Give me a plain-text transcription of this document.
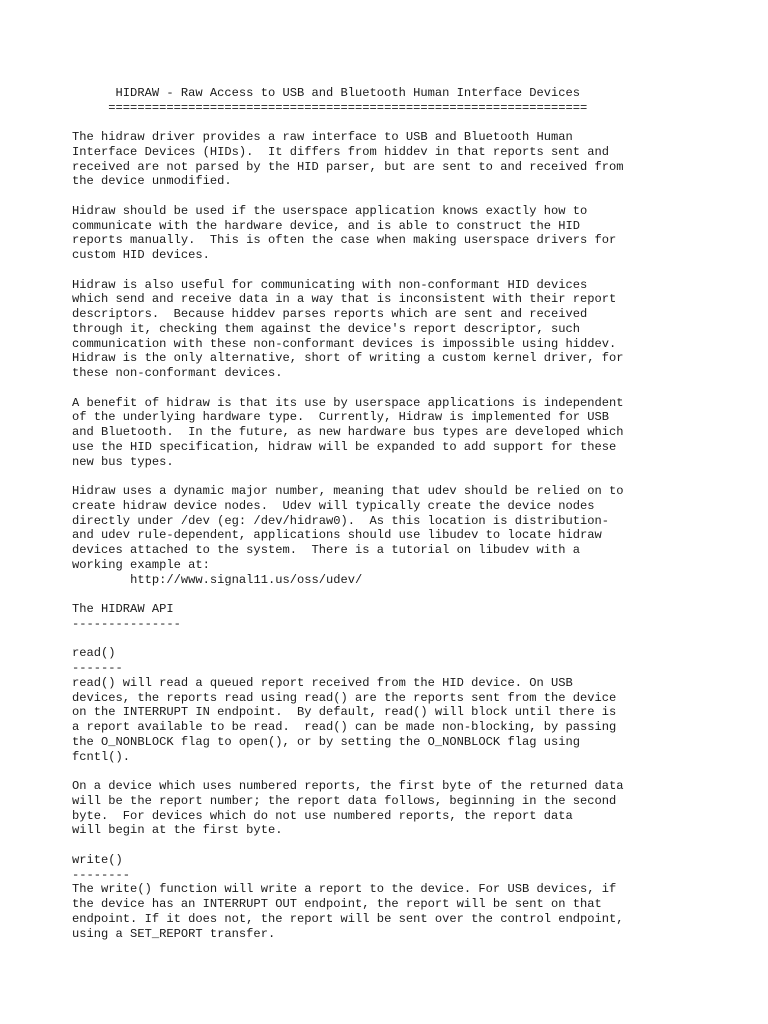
HIDRAW - Raw Access to USB and Bluetooth Human Interface Devices
==================================================================
The hidraw driver provides a raw interface to USB and Bluetooth Human
Interface Devices (HIDs).  It differs from hiddev in that reports sent and
received are not parsed by the HID parser, but are sent to and received from
the device unmodified.
Hidraw should be used if the userspace application knows exactly how to
communicate with the hardware device, and is able to construct the HID
reports manually.  This is often the case when making userspace drivers for
custom HID devices.
Hidraw is also useful for communicating with non-conformant HID devices
which send and receive data in a way that is inconsistent with their report
descriptors.  Because hiddev parses reports which are sent and received
through it, checking them against the device's report descriptor, such
communication with these non-conformant devices is impossible using hiddev.
Hidraw is the only alternative, short of writing a custom kernel driver, for
these non-conformant devices.
A benefit of hidraw is that its use by userspace applications is independent
of the underlying hardware type.  Currently, Hidraw is implemented for USB
and Bluetooth.  In the future, as new hardware bus types are developed which
use the HID specification, hidraw will be expanded to add support for these
new bus types.
Hidraw uses a dynamic major number, meaning that udev should be relied on to
create hidraw device nodes.  Udev will typically create the device nodes
directly under /dev (eg: /dev/hidraw0).  As this location is distribution-
and udev rule-dependent, applications should use libudev to locate hidraw
devices attached to the system.  There is a tutorial on libudev with a
working example at:
	http://www.signal11.us/oss/udev/
The HIDRAW API
---------------
read()
-------
read() will read a queued report received from the HID device. On USB
devices, the reports read using read() are the reports sent from the device
on the INTERRUPT IN endpoint.  By default, read() will block until there is
a report available to be read.  read() can be made non-blocking, by passing
the O_NONBLOCK flag to open(), or by setting the O_NONBLOCK flag using
fcntl().
On a device which uses numbered reports, the first byte of the returned data
will be the report number; the report data follows, beginning in the second
byte.  For devices which do not use numbered reports, the report data
will begin at the first byte.
write()
--------
The write() function will write a report to the device. For USB devices, if
the device has an INTERRUPT OUT endpoint, the report will be sent on that
endpoint. If it does not, the report will be sent over the control endpoint,
using a SET_REPORT transfer.
